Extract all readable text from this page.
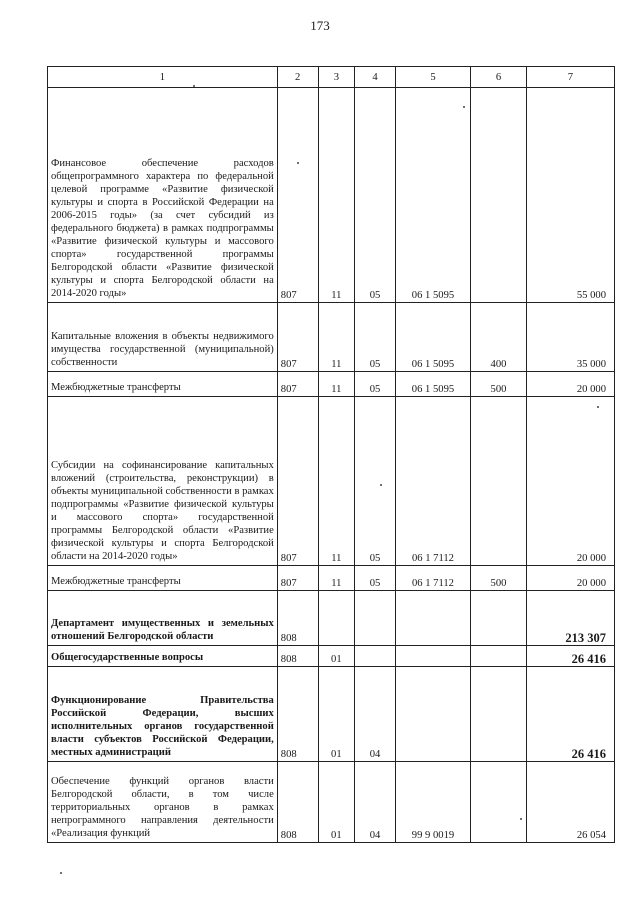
173
1	2	3	4	5	6	7
Финансовое обеспечение расходов общепрограммного характера по федеральной целевой программе «Развитие физической культуры и спорта в Российской Федерации на 2006-2015 годы» (за счет субсидий из федерального бюджета) в рамках подпрограммы «Развитие физической культуры и массового спорта» государственной программы Белгородской области «Развитие физической культуры и спорта Белгородской области на 2014-2020 годы»	807	11	05	06 1 5095		55 000
Капитальные вложения в объекты недвижимого имущества государственной (муниципальной) собственности	807	11	05	06 1 5095	400	35 000
Межбюджетные трансферты	807	11	05	06 1 5095	500	20 000
Субсидии на софинансирование капитальных вложений (строительства, реконструкции) в объекты муниципальной собственности в рамках подпрограммы «Развитие физической культуры и массового спорта» государственной программы Белгородской области «Развитие физической культуры и спорта Белгородской области на 2014-2020 годы»	807	11	05	06 1 7112		20 000
Межбюджетные трансферты	807	11	05	06 1 7112	500	20 000
Департамент имущественных и земельных отношений Белгородской области	808					213 307
Общегосударственные вопросы	808	01				26 416
Функционирование Правительства Российской Федерации, высших исполнительных органов государственной власти субъектов Российской Федерации, местных администраций	808	01	04			26 416
Обеспечение функций органов власти Белгородской области, в том числе территориальных органов в рамках непрограммного направления деятельности «Реализация функций	808	01	04	99 9 0019		26 054
